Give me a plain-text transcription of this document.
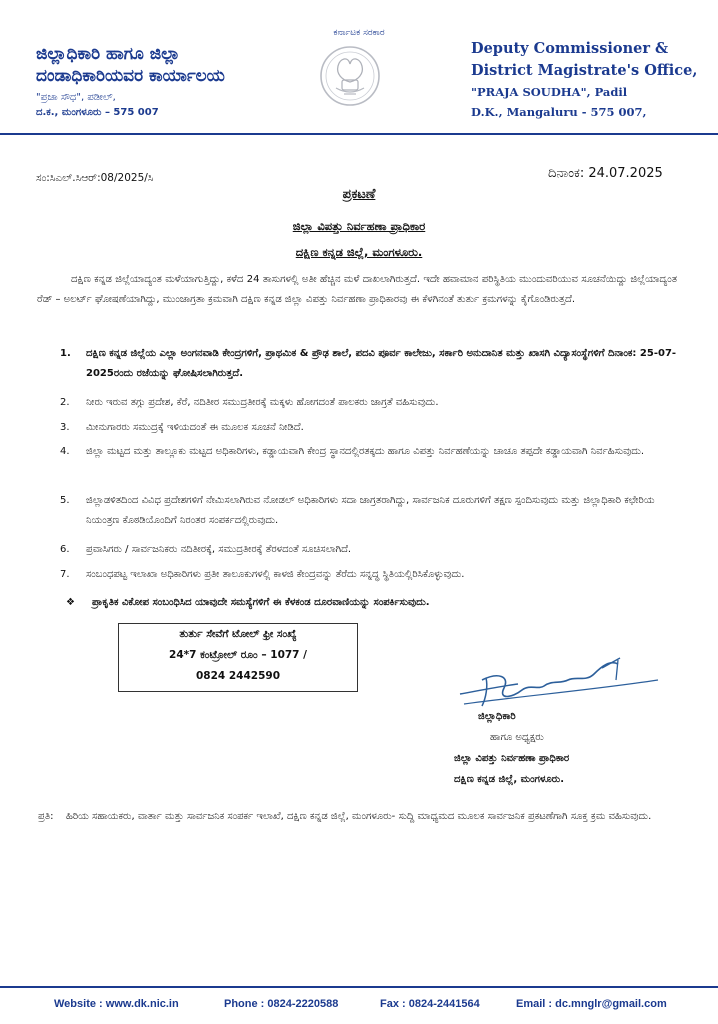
ಜಿಲ್ಲಾಧಿಕಾರಿ ಹಾಗೂ ಜಿಲ್ಲಾ
ದಂಡಾಧಿಕಾರಿಯವರ ಕಾರ್ಯಾಲಯ
"ಪ್ರಜಾ ಸೌಧ", ಪಡೀಲ್,
ದ.ಕ., ಮಂಗಳೂರು – 575 007
ಕರ್ನಾಟಕ ಸರಕಾರ
Deputy Commissioner &
District Magistrate's Office,
"PRAJA SOUDHA", Padil
D.K., Mangaluru - 575 007,
ಸಂ:ಸಿಎಲ್.ಸಿಆರ್:08/2025/ಸಿ	ದಿನಾಂಕ: 24.07.2025
ಪ್ರಕಟಣೆ
ಜಿಲ್ಲಾ ವಿಪತ್ತು ನಿರ್ವಹಣಾ ಪ್ರಾಧಿಕಾರ
ದಕ್ಷಿಣ ಕನ್ನಡ ಜಿಲ್ಲೆ, ಮಂಗಳೂರು.
ದಕ್ಷಿಣ ಕನ್ನಡ ಜಿಲ್ಲೆಯಾದ್ಯಂತ ಮಳೆಯಾಗುತ್ತಿದ್ದು, ಕಳೆದ 24 ತಾಸುಗಳಲ್ಲಿ ಅತೀ ಹೆಚ್ಚಿನ ಮಳೆ ದಾಖಲಾಗಿರುತ್ತದೆ. ಇದೇ ಹವಾಮಾನ ಪರಿಸ್ಥಿತಿಯ ಮುಂದುವರಿಯುವ ಸೂಚನೆಯಿದ್ದು ಜಿಲ್ಲೆಯಾದ್ಯಂತ ರೆಡ್ – ಅಲರ್ಟ್ ಘೋಷಣೆಯಾಗಿದ್ದು, ಮುಂಜಾಗ್ರತಾ ಕ್ರಮವಾಗಿ ದಕ್ಷಿಣ ಕನ್ನಡ ಜಿಲ್ಲಾ ವಿಪತ್ತು ನಿರ್ವಹಣಾ ಪ್ರಾಧಿಕಾರವು ಈ ಕೆಳಗಿನಂತೆ ತುರ್ತು ಕ್ರಮಗಳನ್ನು ಕೈಗೊಂಡಿರುತ್ತದೆ.
1. ದಕ್ಷಿಣ ಕನ್ನಡ ಜಿಲ್ಲೆಯ ಎಲ್ಲಾ ಅಂಗನವಾಡಿ ಕೇಂದ್ರಗಳಿಗೆ, ಪ್ರಾಥಮಿಕ & ಪ್ರೌಢ ಶಾಲೆ, ಪದವಿ ಪೂರ್ವ ಕಾಲೇಜು, ಸರ್ಕಾರಿ ಅನುದಾನಿತ ಮತ್ತು ಖಾಸಗಿ ವಿದ್ಯಾಸಂಸ್ಥೆಗಳಿಗೆ ದಿನಾಂಕ: 25-07-2025ರಂದು ರಜೆಯನ್ನು ಘೋಷಿಸಲಾಗಿರುತ್ತದೆ.
2. ನೀರು ಇರುವ ತಗ್ಗು ಪ್ರದೇಶ, ಕೆರೆ, ನದಿತೀರ ಸಮುದ್ರತೀರಕ್ಕೆ ಮಕ್ಕಳು ಹೋಗದಂತೆ ಪಾಲಕರು ಜಾಗ್ರತೆ ವಹಿಸುವುದು.
3. ಮೀನುಗಾರರು ಸಮುದ್ರಕ್ಕೆ ಇಳಿಯದಂತೆ ಈ ಮೂಲಕ ಸೂಚನೆ ನೀಡಿದೆ.
4. ಜಿಲ್ಲಾ ಮಟ್ಟದ ಮತ್ತು ತಾಲ್ಲೂಕು ಮಟ್ಟದ ಅಧಿಕಾರಿಗಳು, ಕಡ್ಡಾಯವಾಗಿ ಕೇಂದ್ರ ಸ್ಥಾನದಲ್ಲಿರತಕ್ಕದು ಹಾಗೂ ವಿಪತ್ತು ನಿರ್ವಹಣೆಯನ್ನು ಚಾಚೂ ತಪ್ಪದೇ ಕಡ್ಡಾಯವಾಗಿ ನಿರ್ವಹಿಸುವುದು.
5. ಜಿಲ್ಲಾಡಳಿತದಿಂದ ವಿವಿಧ ಪ್ರದೇಶಗಳಿಗೆ ನೇಮಿಸಲಾಗಿರುವ ನೋಡಲ್ ಅಧಿಕಾರಿಗಳು ಸದಾ ಜಾಗ್ರತರಾಗಿದ್ದು, ಸಾರ್ವಜನಿಕ ದೂರುಗಳಿಗೆ ತಕ್ಷಣ ಸ್ಪಂದಿಸುವುದು ಮತ್ತು ಜಿಲ್ಲಾಧಿಕಾರಿ ಕಛೇರಿಯ ನಿಯಂತ್ರಣ ಕೊಠಡಿಯೊಂದಿಗೆ ನಿರಂತರ ಸಂಪರ್ಕದಲ್ಲಿರುವುದು.
6. ಪ್ರವಾಸಿಗರು / ಸಾರ್ವಜನಿಕರು ನದಿತೀರಕ್ಕೆ, ಸಮುದ್ರತೀರಕ್ಕೆ ತೆರಳದಂತೆ ಸೂಚಿಸಲಾಗಿದೆ.
7. ಸಂಬಂಧಪಟ್ಟ ಇಲಾಖಾ ಅಧಿಕಾರಿಗಳು ಪ್ರತೀ ತಾಲೂಕುಗಳಲ್ಲಿ ಕಾಳಜಿ ಕೇಂದ್ರವನ್ನು ತೆರೆದು ಸನ್ನದ್ಧ ಸ್ಥಿತಿಯಲ್ಲಿರಿಸಿಕೊಳ್ಳುವುದು.
❖ ಪ್ರಾಕೃತಿಕ ವಿಕೋಪ ಸಂಬಂಧಿಸಿದ ಯಾವುದೇ ಸಮಸ್ಯೆಗಳಿಗೆ ಈ ಕೆಳಕಂಡ ದೂರವಾಣಿಯನ್ನು ಸಂಪರ್ಕಿಸುವುದು.
ತುರ್ತು ಸೇವೆಗೆ ಟೋಲ್ ಫ್ರೀ ಸಂಖ್ಯೆ
24*7 ಕಂಟ್ರೋಲ್ ರೂಂ – 1077 /
0824 2442590
ಜಿಲ್ಲಾಧಿಕಾರಿ
ಹಾಗೂ ಅಧ್ಯಕ್ಷರು
ಜಿಲ್ಲಾ ವಿಪತ್ತು ನಿರ್ವಹಣಾ ಪ್ರಾಧಿಕಾರ
ದಕ್ಷಿಣ ಕನ್ನಡ ಜಿಲ್ಲೆ, ಮಂಗಳೂರು.
ಪ್ರತಿ: ಹಿರಿಯ ಸಹಾಯಕರು, ವಾರ್ತಾ ಮತ್ತು ಸಾರ್ವಜನಿಕ ಸಂಪರ್ಕ ಇಲಾಖೆ, ದಕ್ಷಿಣ ಕನ್ನಡ ಜಿಲ್ಲೆ, ಮಂಗಳೂರು- ಸುದ್ದಿ ಮಾಧ್ಯಮದ ಮೂಲಕ ಸಾರ್ವಜನಿಕ ಪ್ರಕಟಣೆಗಾಗಿ ಸೂಕ್ತ ಕ್ರಮ ವಹಿಸುವುದು.
Website : www.dk.nic.in	Phone : 0824-2220588	Fax : 0824-2441564	Email : dc.mnglr@gmail.com
